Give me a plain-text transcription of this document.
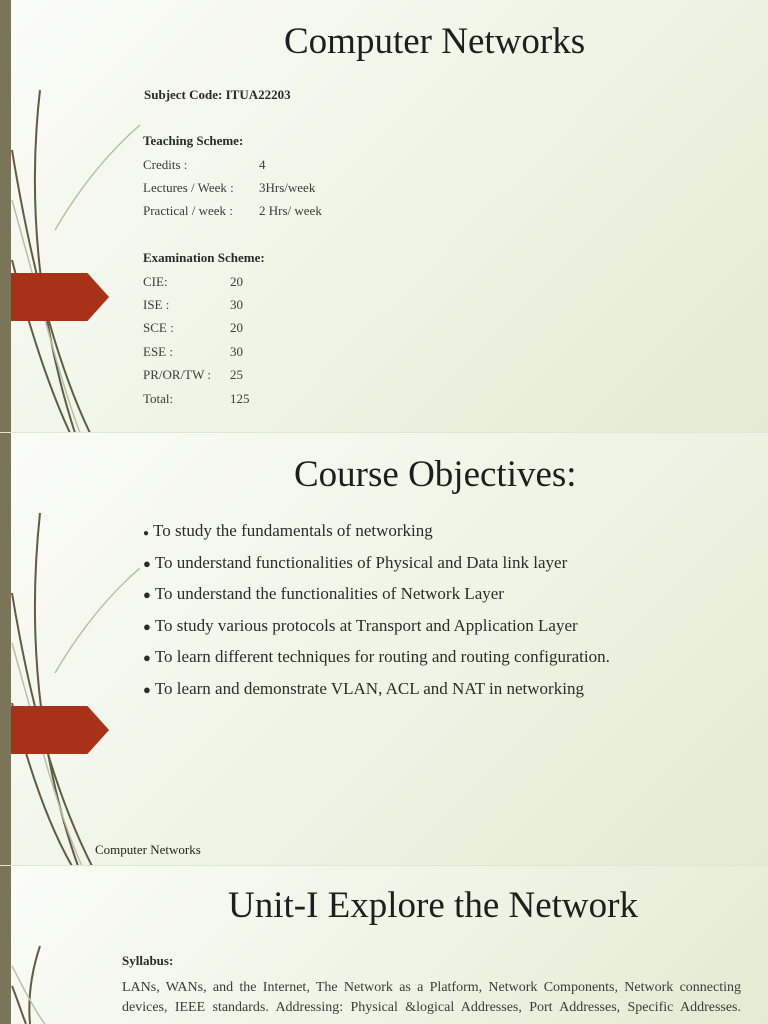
Computer Networks
Subject Code: ITUA22203
Teaching Scheme:
Credits :	4
Lectures / Week : 3Hrs/week
Practical / week : 2 Hrs/ week
Examination Scheme:
CIE:	20
ISE :	30
SCE :	20
ESE :	30
PR/OR/TW : 25
Total:	125
Course Objectives:
● To study the fundamentals of networking
● To understand functionalities of Physical and Data link layer
● To understand the functionalities of Network Layer
● To study various protocols at Transport and Application Layer
● To learn different techniques for routing and routing configuration.
● To learn and demonstrate VLAN, ACL and NAT in networking
Computer Networks
Unit-I Explore the Network
Syllabus:
LANs, WANs, and the Internet, The Network as a Platform, Network Components, Network connecting devices, IEEE standards. Addressing: Physical &logical Addresses, Port Addresses, Specific Addresses.
